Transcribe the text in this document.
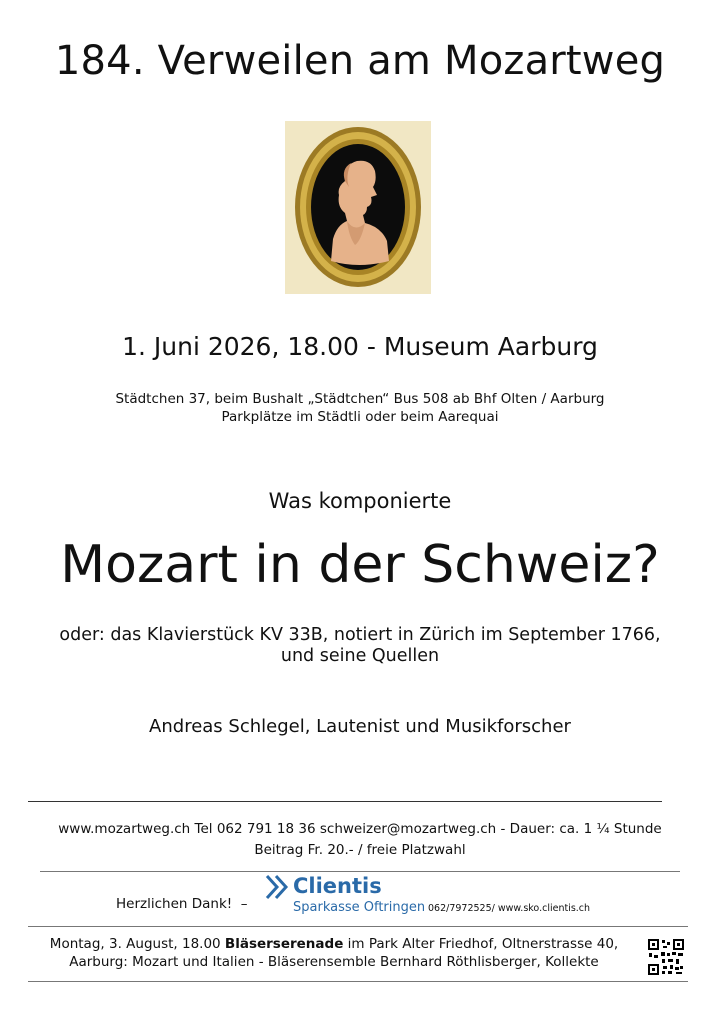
184. Verweilen am Mozartweg
1. Juni 2026, 18.00 - Museum Aarburg
Städtchen 37, beim Bushalt „Städtchen“ Bus 508 ab Bhf Olten / Aarburg
Parkplätze im Städtli oder beim Aarequai
Was komponierte
Mozart in der Schweiz?
oder: das Klavierstück KV 33B, notiert in Zürich im September 1766,
und seine Quellen
Andreas Schlegel, Lautenist und Musikforscher
www.mozartweg.ch Tel 062 791 18 36 schweizer@mozartweg.ch - Dauer: ca. 1 ¼ Stunde
Beitrag Fr. 20.- / freie Platzwahl
Herzlichen Dank!  –
Clientis
Sparkasse Oftringen 062/7972525/ www.sko.clientis.ch
Montag, 3. August, 18.00 Bläserserenade im Park Alter Friedhof, Oltnerstrasse 40,
Aarburg: Mozart und Italien - Bläserensemble Bernhard Röthlisberger, Kollekte
